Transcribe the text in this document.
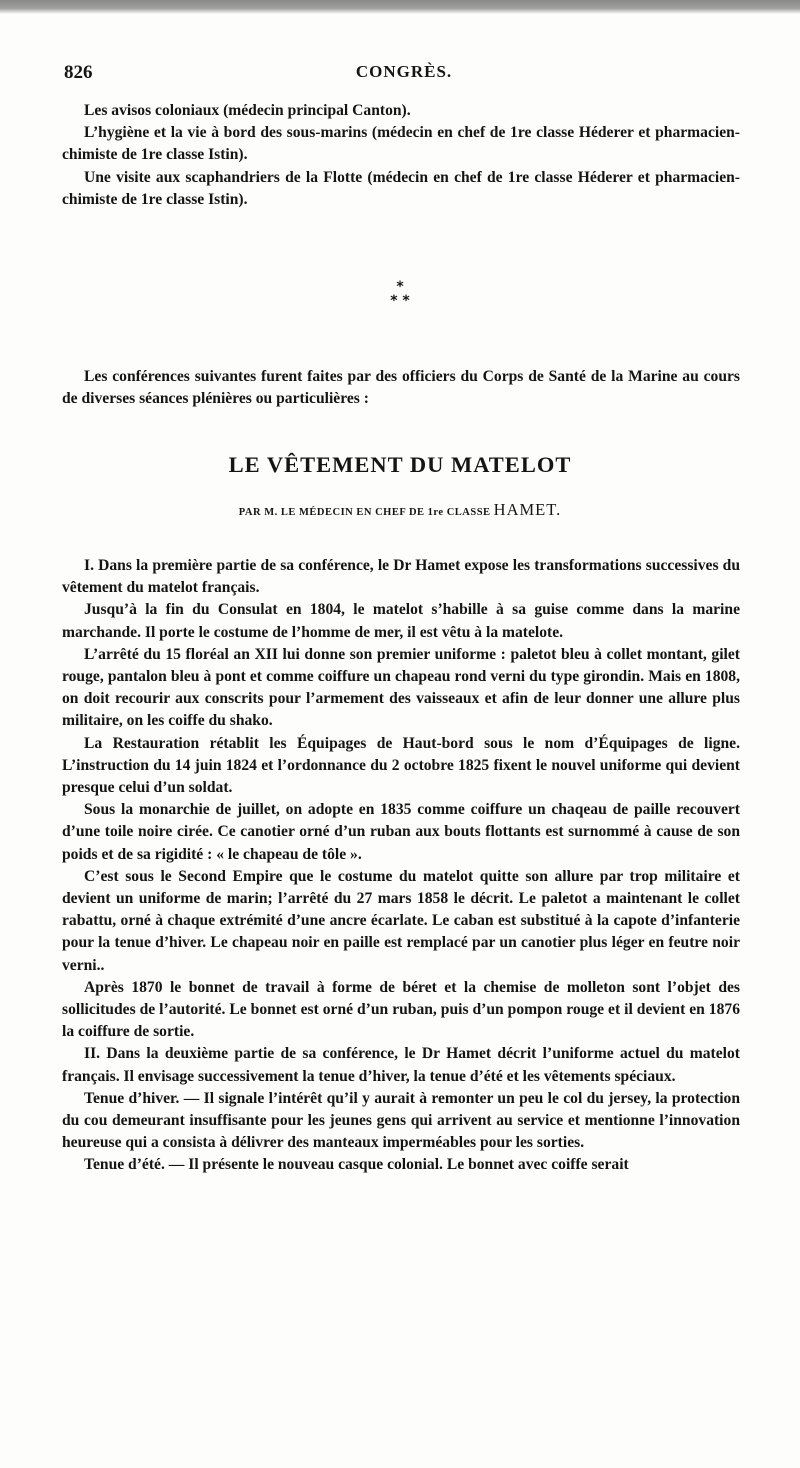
826	CONGRÈS.

Les avisos coloniaux (médecin principal Canton).

L’hygiène et la vie à bord des sous-marins (médecin en chef de 1re classe Héderer et pharmacien-chimiste de 1re classe Istin).

Une visite aux scaphandriers de la Flotte (médecin en chef de 1re classe Héderer et pharmacien-chimiste de 1re classe Istin).

*
* *

Les conférences suivantes furent faites par des officiers du Corps de Santé de la Marine au cours de diverses séances plénières ou particulières :

LE VÊTEMENT DU MATELOT
PAR M. LE MÉDECIN EN CHEF DE 1re CLASSE HAMET.

I. Dans la première partie de sa conférence, le Dr Hamet expose les transformations successives du vêtement du matelot français.

Jusqu’à la fin du Consulat en 1804, le matelot s’habille à sa guise comme dans la marine marchande. Il porte le costume de l’homme de mer, il est vêtu à la matelote.

L’arrêté du 15 floréal an XII lui donne son premier uniforme : paletot bleu à collet montant, gilet rouge, pantalon bleu à pont et comme coiffure un chapeau rond verni du type girondin. Mais en 1808, on doit recourir aux conscrits pour l’armement des vaisseaux et afin de leur donner une allure plus militaire, on les coiffe du shako.

La Restauration rétablit les Équipages de Haut-bord sous le nom d’Équipages de ligne. L’instruction du 14 juin 1824 et l’ordonnance du 2 octobre 1825 fixent le nouvel uniforme qui devient presque celui d’un soldat.

Sous la monarchie de juillet, on adopte en 1835 comme coiffure un chaqeau de paille recouvert d’une toile noire cirée. Ce canotier orné d’un ruban aux bouts flottants est surnommé à cause de son poids et de sa rigidité : « le chapeau de tôle ».

C’est sous le Second Empire que le costume du matelot quitte son allure par trop militaire et devient un uniforme de marin; l’arrêté du 27 mars 1858 le décrit. Le paletot a maintenant le collet rabattu, orné à chaque extrémité d’une ancre écarlate. Le caban est substitué à la capote d’infanterie pour la tenue d’hiver. Le chapeau noir en paille est remplacé par un canotier plus léger en feutre noir verni..

Après 1870 le bonnet de travail à forme de béret et la chemise de molleton sont l’objet des sollicitudes de l’autorité. Le bonnet est orné d’un ruban, puis d’un pompon rouge et il devient en 1876 la coiffure de sortie.

II. Dans la deuxième partie de sa conférence, le Dr Hamet décrit l’uniforme actuel du matelot français. Il envisage successivement la tenue d’hiver, la tenue d’été et les vêtements spéciaux.

Tenue d’hiver. — Il signale l’intérêt qu’il y aurait à remonter un peu le col du jersey, la protection du cou demeurant insuffisante pour les jeunes gens qui arrivent au service et mentionne l’innovation heureuse qui a consista à délivrer des manteaux imperméables pour les sorties.

Tenue d’été. — Il présente le nouveau casque colonial. Le bonnet avec coiffe serait
